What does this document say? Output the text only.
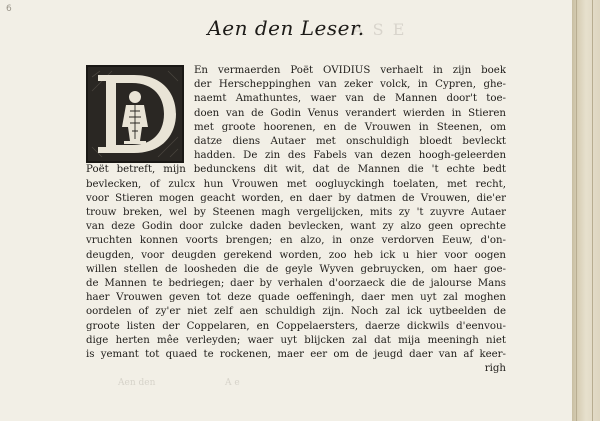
6
A S E
Aen den	A e
Aen den Leser.
En vermaerden Poët OVIDIUS verhaelt in zijn boek
der Herscheppinghen van zeker volck, in Cypren, ghe-
naemt Amathuntes, waer van de Mannen door't toe-
doen van de Godin Venus verandert wierden in Stieren
met groote hoorenen, en de Vrouwen in Steenen, om
datze diens Autaer met onschuldigh bloedt bevleckt
hadden. De zin des Fabels van dezen hoogh-geleerden
Poët betreft, mijn bedunckens dit wit, dat de Mannen die 't echte bedt
bevlecken, of zulcx hun Vrouwen met oogluyckingh toelaten, met recht,
voor Stieren mogen geacht worden, en daer by datmen de Vrouwen, die'er
trouw breken, wel by Steenen magh vergelijcken, mits zy 't zuyvre Autaer
van deze Godin door zulcke daden bevlecken, want zy alzo geen oprechte
vruchten konnen voorts brengen; en alzo, in onze verdorven Eeuw, d'on-
deugden, voor deugden gerekend worden, zoo heb ick u hier voor oogen
willen stellen de loosheden die de geyle Wyven gebruycken, om haer goe-
de Mannen te bedriegen; daer by verhalen d'oorzaeck die de jalourse Mans
haer Vrouwen geven tot deze quade oeffeningh, daer men uyt zal moghen
oordelen of zy'er niet zelf aen schuldigh zijn. Noch zal ick uytbeelden de
groote listen der Coppelaren, en Coppelaersters, daerze dickwils d'eenvou-
dige herten mêe verleyden; waer uyt blijcken zal dat mija meeningh niet
is yemant tot quaed te rockenen, maer eer om de jeugd daer van af keer-
righ
